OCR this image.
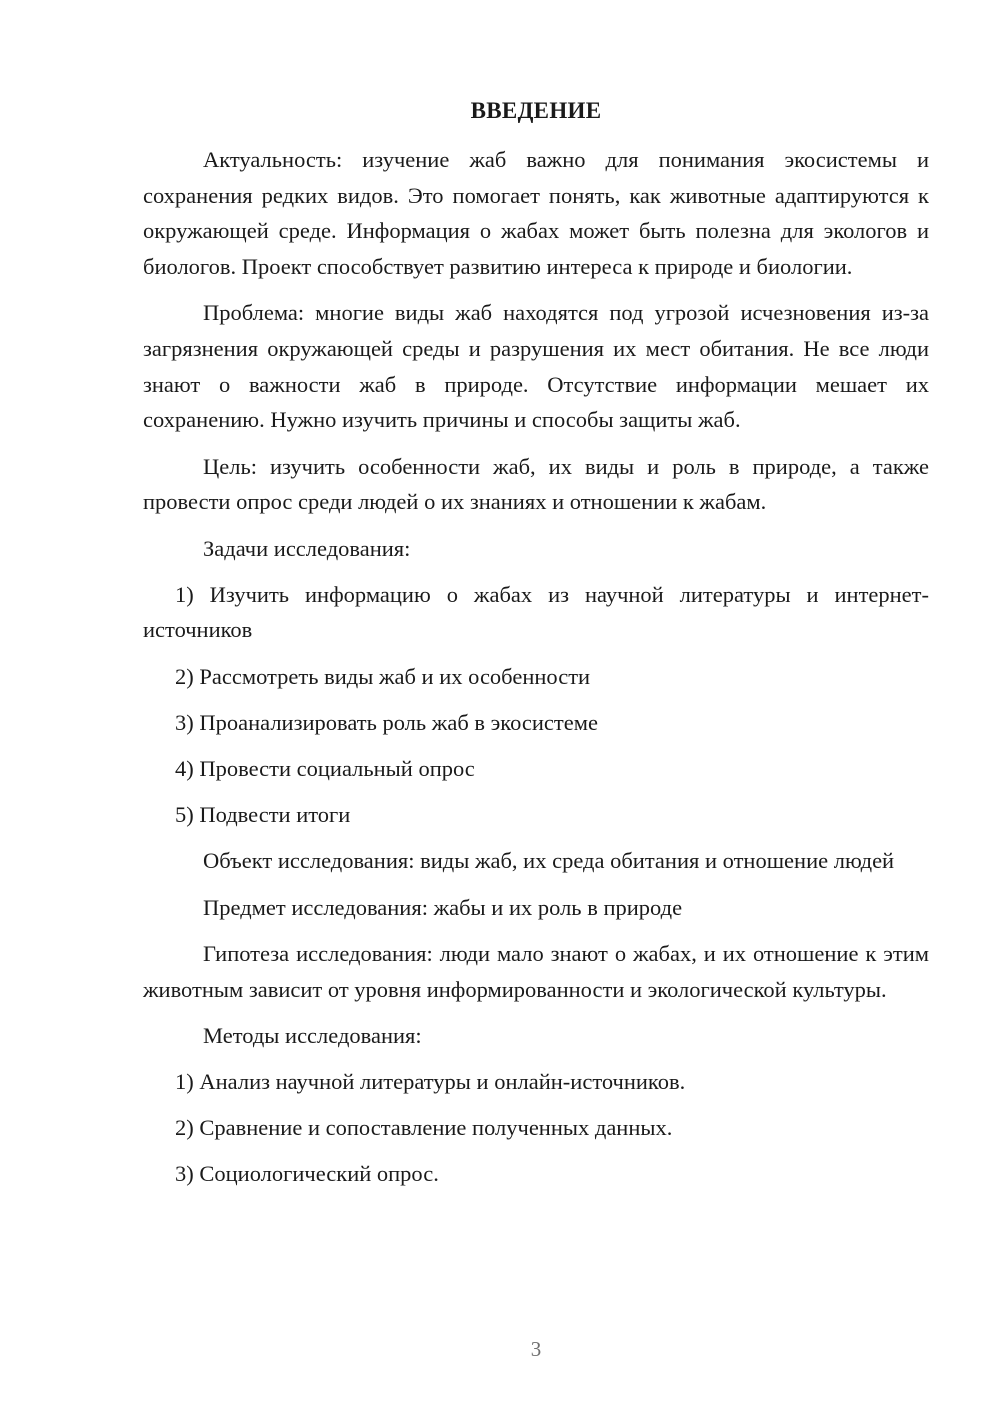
ВВЕДЕНИЕ

Актуальность: изучение жаб важно для понимания экосистемы и сохранения редких видов. Это помогает понять, как животные адаптируются к окружающей среде. Информация о жабах может быть полезна для экологов и биологов. Проект способствует развитию интереса к природе и биологии.

Проблема: многие виды жаб находятся под угрозой исчезновения из-за загрязнения окружающей среды и разрушения их мест обитания. Не все люди знают о важности жаб в природе. Отсутствие информации мешает их сохранению. Нужно изучить причины и способы защиты жаб.

Цель: изучить особенности жаб, их виды и роль в природе, а также провести опрос среди людей о их знаниях и отношении к жабам.

Задачи исследования:

1) Изучить информацию о жабах из научной литературы и интернет-источников

2) Рассмотреть виды жаб и их особенности

3) Проанализировать роль жаб в экосистеме

4) Провести социальный опрос

5) Подвести итоги

Объект исследования: виды жаб, их среда обитания и отношение людей

Предмет исследования: жабы и их роль в природе

Гипотеза исследования: люди мало знают о жабах, и их отношение к этим животным зависит от уровня информированности и экологической культуры.

Методы исследования:

1) Анализ научной литературы и онлайн-источников.

2) Сравнение и сопоставление полученных данных.

3) Социологический опрос.

3
